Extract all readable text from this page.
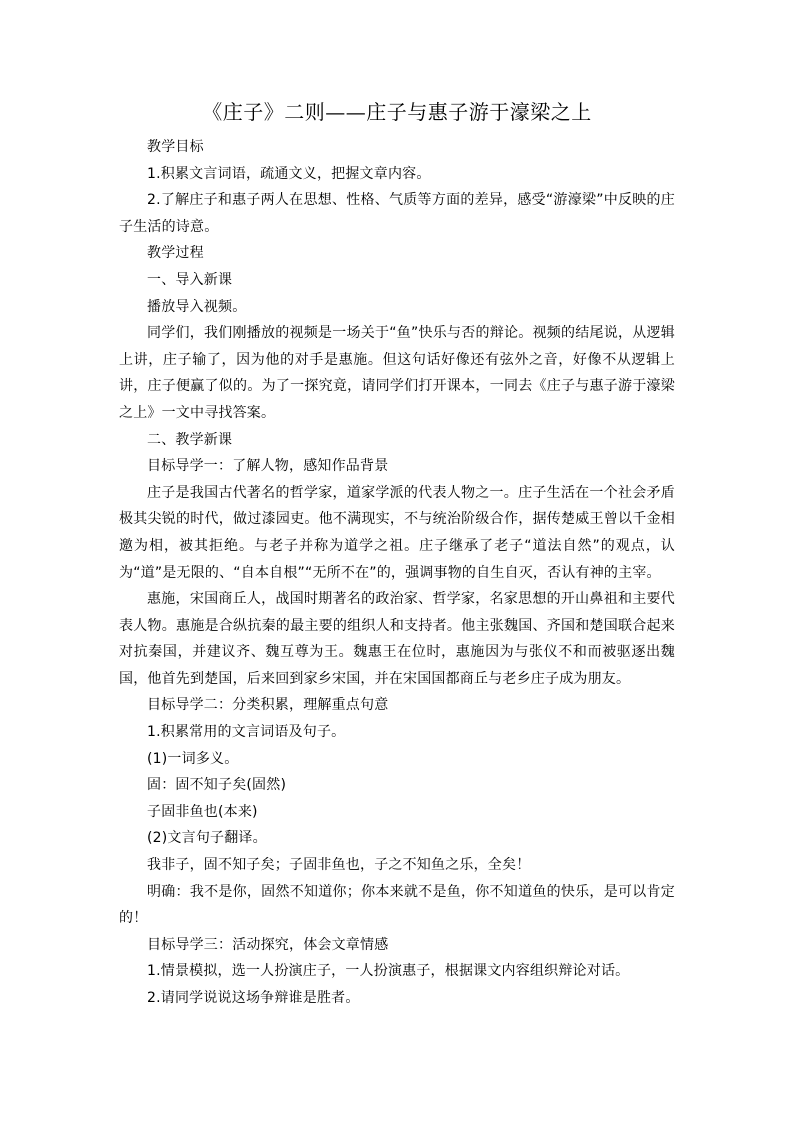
《庄子》二则——庄子与惠子游于濠梁之上

教学目标

1.积累文言词语，疏通文义，把握文章内容。

2.了解庄子和惠子两人在思想、性格、气质等方面的差异，感受“游濠梁”中反映的庄子生活的诗意。

教学过程

一、导入新课

播放导入视频。

同学们，我们刚播放的视频是一场关于“鱼”快乐与否的辩论。视频的结尾说，从逻辑上讲，庄子输了，因为他的对手是惠施。但这句话好像还有弦外之音，好像不从逻辑上讲，庄子便赢了似的。为了一探究竟，请同学们打开课本，一同去《庄子与惠子游于濠梁之上》一文中寻找答案。

二、教学新课

目标导学一：了解人物，感知作品背景

庄子是我国古代著名的哲学家，道家学派的代表人物之一。庄子生活在一个社会矛盾极其尖锐的时代，做过漆园吏。他不满现实，不与统治阶级合作，据传楚威王曾以千金相邀为相，被其拒绝。与老子并称为道学之祖。庄子继承了老子“道法自然”的观点，认为“道”是无限的、“自本自根”“无所不在”的，强调事物的自生自灭，否认有神的主宰。

惠施，宋国商丘人，战国时期著名的政治家、哲学家，名家思想的开山鼻祖和主要代表人物。惠施是合纵抗秦的最主要的组织人和支持者。他主张魏国、齐国和楚国联合起来对抗秦国，并建议齐、魏互尊为王。魏惠王在位时，惠施因为与张仪不和而被驱逐出魏国，他首先到楚国，后来回到家乡宋国，并在宋国国都商丘与老乡庄子成为朋友。

目标导学二：分类积累，理解重点句意

1.积累常用的文言词语及句子。

(1)一词多义。

固：固不知子矣(固然)

子固非鱼也(本来)

(2)文言句子翻译。

我非子，固不知子矣；子固非鱼也，子之不知鱼之乐，全矣！

明确：我不是你，固然不知道你；你本来就不是鱼，你不知道鱼的快乐，是可以肯定的！

目标导学三：活动探究，体会文章情感

1.情景模拟，选一人扮演庄子，一人扮演惠子，根据课文内容组织辩论对话。

2.请同学说说这场争辩谁是胜者。
